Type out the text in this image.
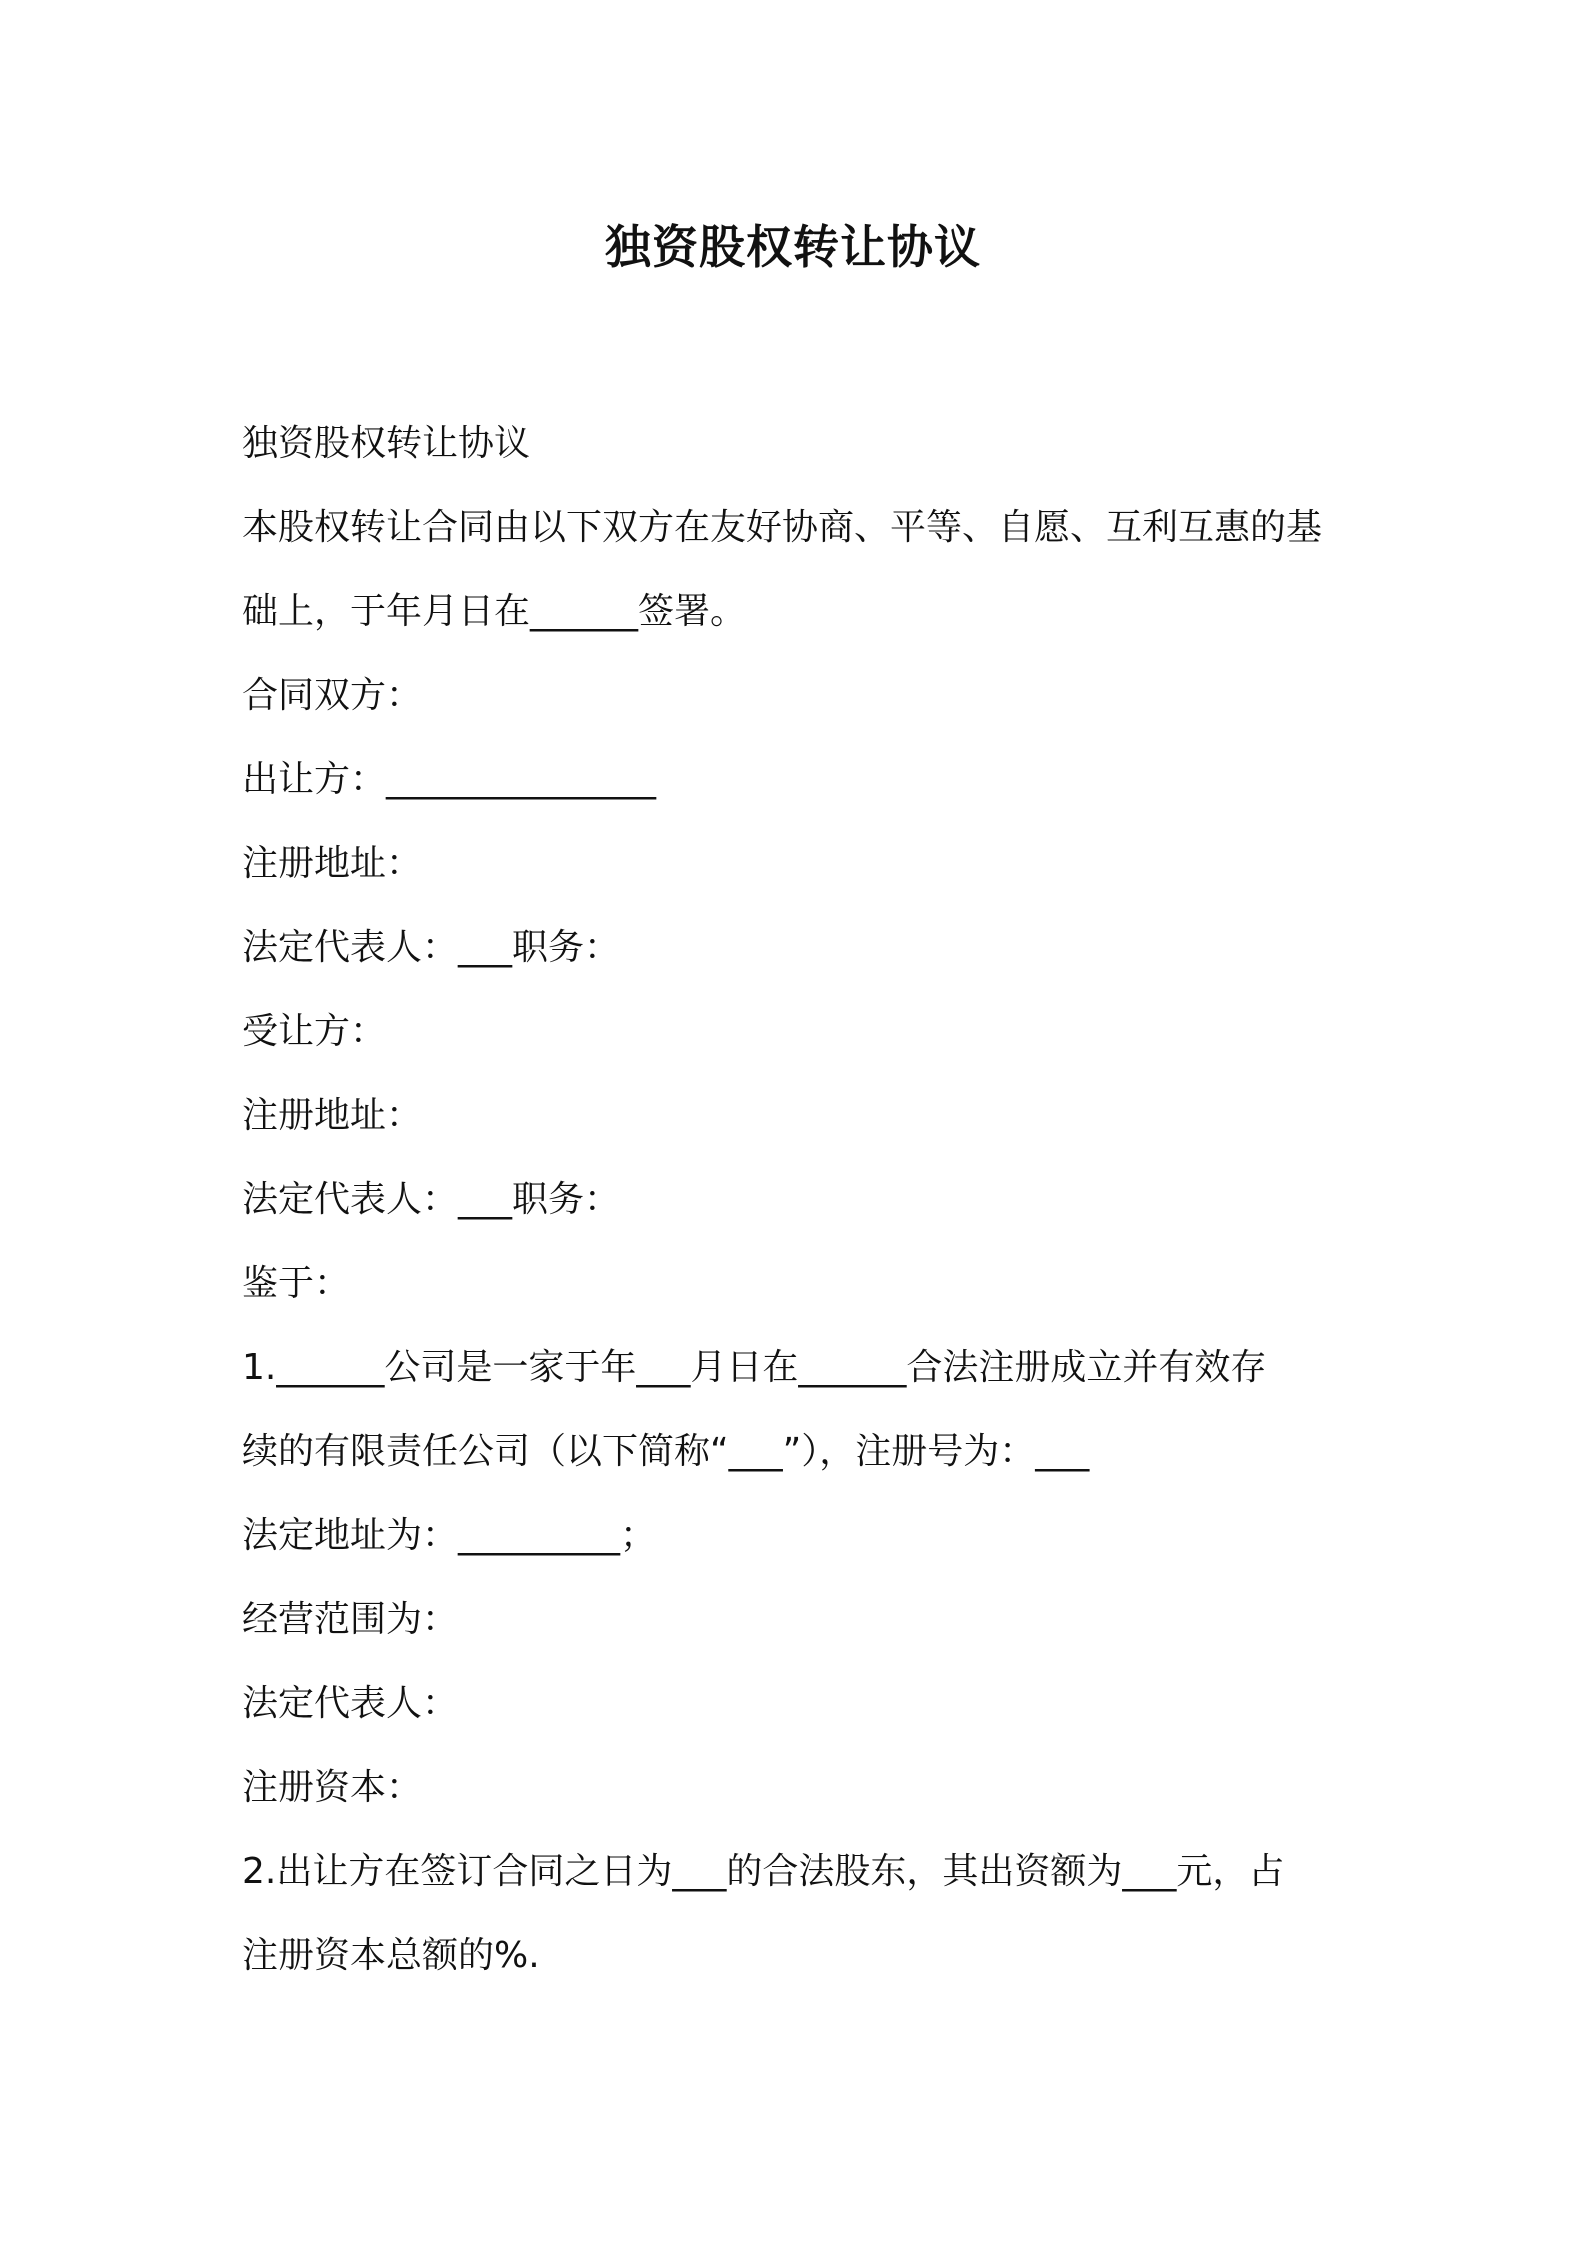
独资股权转让协议
独资股权转让协议
本股权转让合同由以下双方在友好协商、平等、自愿、互利互惠的基
础上，于年月日在______签署。
合同双方：
出让方：_______________
注册地址：
法定代表人：___职务：
受让方：
注册地址：
法定代表人：___职务：
鉴于：
1.______公司是一家于年___月日在______合法注册成立并有效存
续的有限责任公司（以下简称“___”），注册号为：___
法定地址为：_________；
经营范围为：
法定代表人：
注册资本：
2.出让方在签订合同之日为___的合法股东，其出资额为___元，占
注册资本总额的%.
